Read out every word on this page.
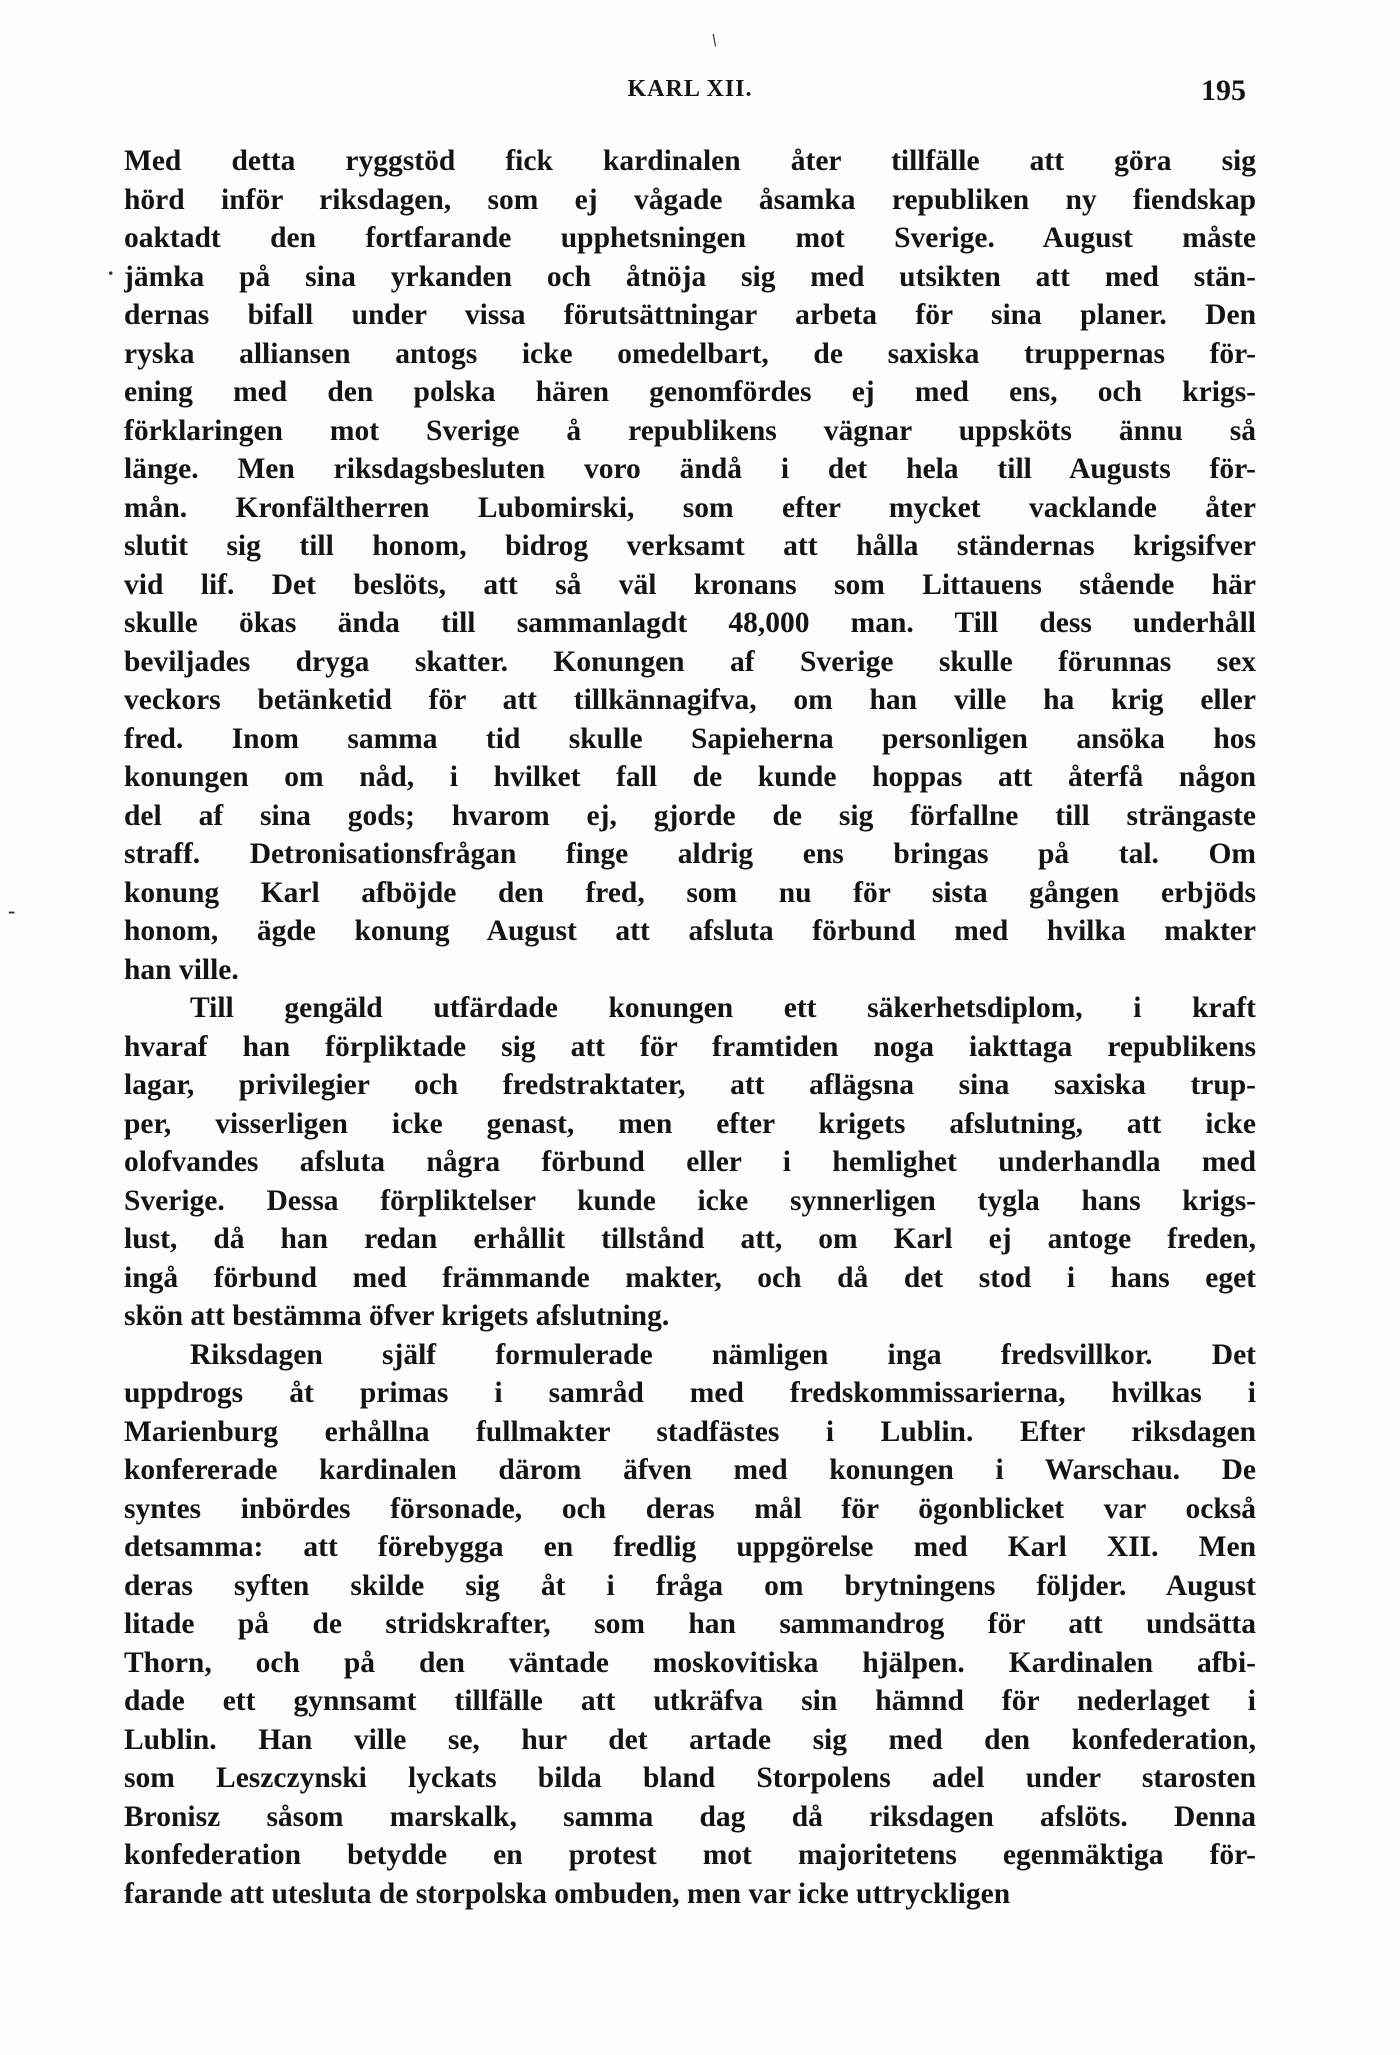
KARL XII.	195
/
.
-
Med detta ryggstöd fick kardinalen åter tillfälle att göra sig
hörd inför riksdagen, som ej vågade åsamka republiken ny fiendskap
oaktadt den fortfarande upphetsningen mot Sverige. August måste
jämka på sina yrkanden och åtnöja sig med utsikten att med stän-
dernas bifall under vissa förutsättningar arbeta för sina planer. Den
ryska alliansen antogs icke omedelbart, de saxiska truppernas för-
ening med den polska hären genomfördes ej med ens, och krigs-
förklaringen mot Sverige å republikens vägnar uppsköts ännu så
länge. Men riksdagsbesluten voro ändå i det hela till Augusts för-
mån. Kronfältherren Lubomirski, som efter mycket vacklande åter
slutit sig till honom, bidrog verksamt att hålla ständernas krigsifver
vid lif. Det beslöts, att så väl kronans som Littauens stående här
skulle ökas ända till sammanlagdt 48,000 man. Till dess underhåll
beviljades dryga skatter. Konungen af Sverige skulle förunnas sex
veckors betänketid för att tillkännagifva, om han ville ha krig eller
fred. Inom samma tid skulle Sapieherna personligen ansöka hos
konungen om nåd, i hvilket fall de kunde hoppas att återfå någon
del af sina gods; hvarom ej, gjorde de sig förfallne till strängaste
straff. Detronisationsfrågan finge aldrig ens bringas på tal. Om
konung Karl afböjde den fred, som nu för sista gången erbjöds
honom, ägde konung August att afsluta förbund med hvilka makter
han ville.
Till gengäld utfärdade konungen ett säkerhetsdiplom, i kraft
hvaraf han förpliktade sig att för framtiden noga iakttaga republikens
lagar, privilegier och fredstraktater, att aflägsna sina saxiska trup-
per, visserligen icke genast, men efter krigets afslutning, att icke
olofvandes afsluta några förbund eller i hemlighet underhandla med
Sverige. Dessa förpliktelser kunde icke synnerligen tygla hans krigs-
lust, då han redan erhållit tillstånd att, om Karl ej antoge freden,
ingå förbund med främmande makter, och då det stod i hans eget
skön att bestämma öfver krigets afslutning.
Riksdagen själf formulerade nämligen inga fredsvillkor. Det
uppdrogs åt primas i samråd med fredskommissarierna, hvilkas i
Marienburg erhållna fullmakter stadfästes i Lublin. Efter riksdagen
konfererade kardinalen därom äfven med konungen i Warschau. De
syntes inbördes försonade, och deras mål för ögonblicket var också
detsamma: att förebygga en fredlig uppgörelse med Karl XII. Men
deras syften skilde sig åt i fråga om brytningens följder. August
litade på de stridskrafter, som han sammandrog för att undsätta
Thorn, och på den väntade moskovitiska hjälpen. Kardinalen afbi-
dade ett gynnsamt tillfälle att utkräfva sin hämnd för nederlaget i
Lublin. Han ville se, hur det artade sig med den konfederation,
som Leszczynski lyckats bilda bland Storpolens adel under starosten
Bronisz såsom marskalk, samma dag då riksdagen afslöts. Denna
konfederation betydde en protest mot majoritetens egenmäktiga för-
farande att utesluta de storpolska ombuden, men var icke uttryckligen
